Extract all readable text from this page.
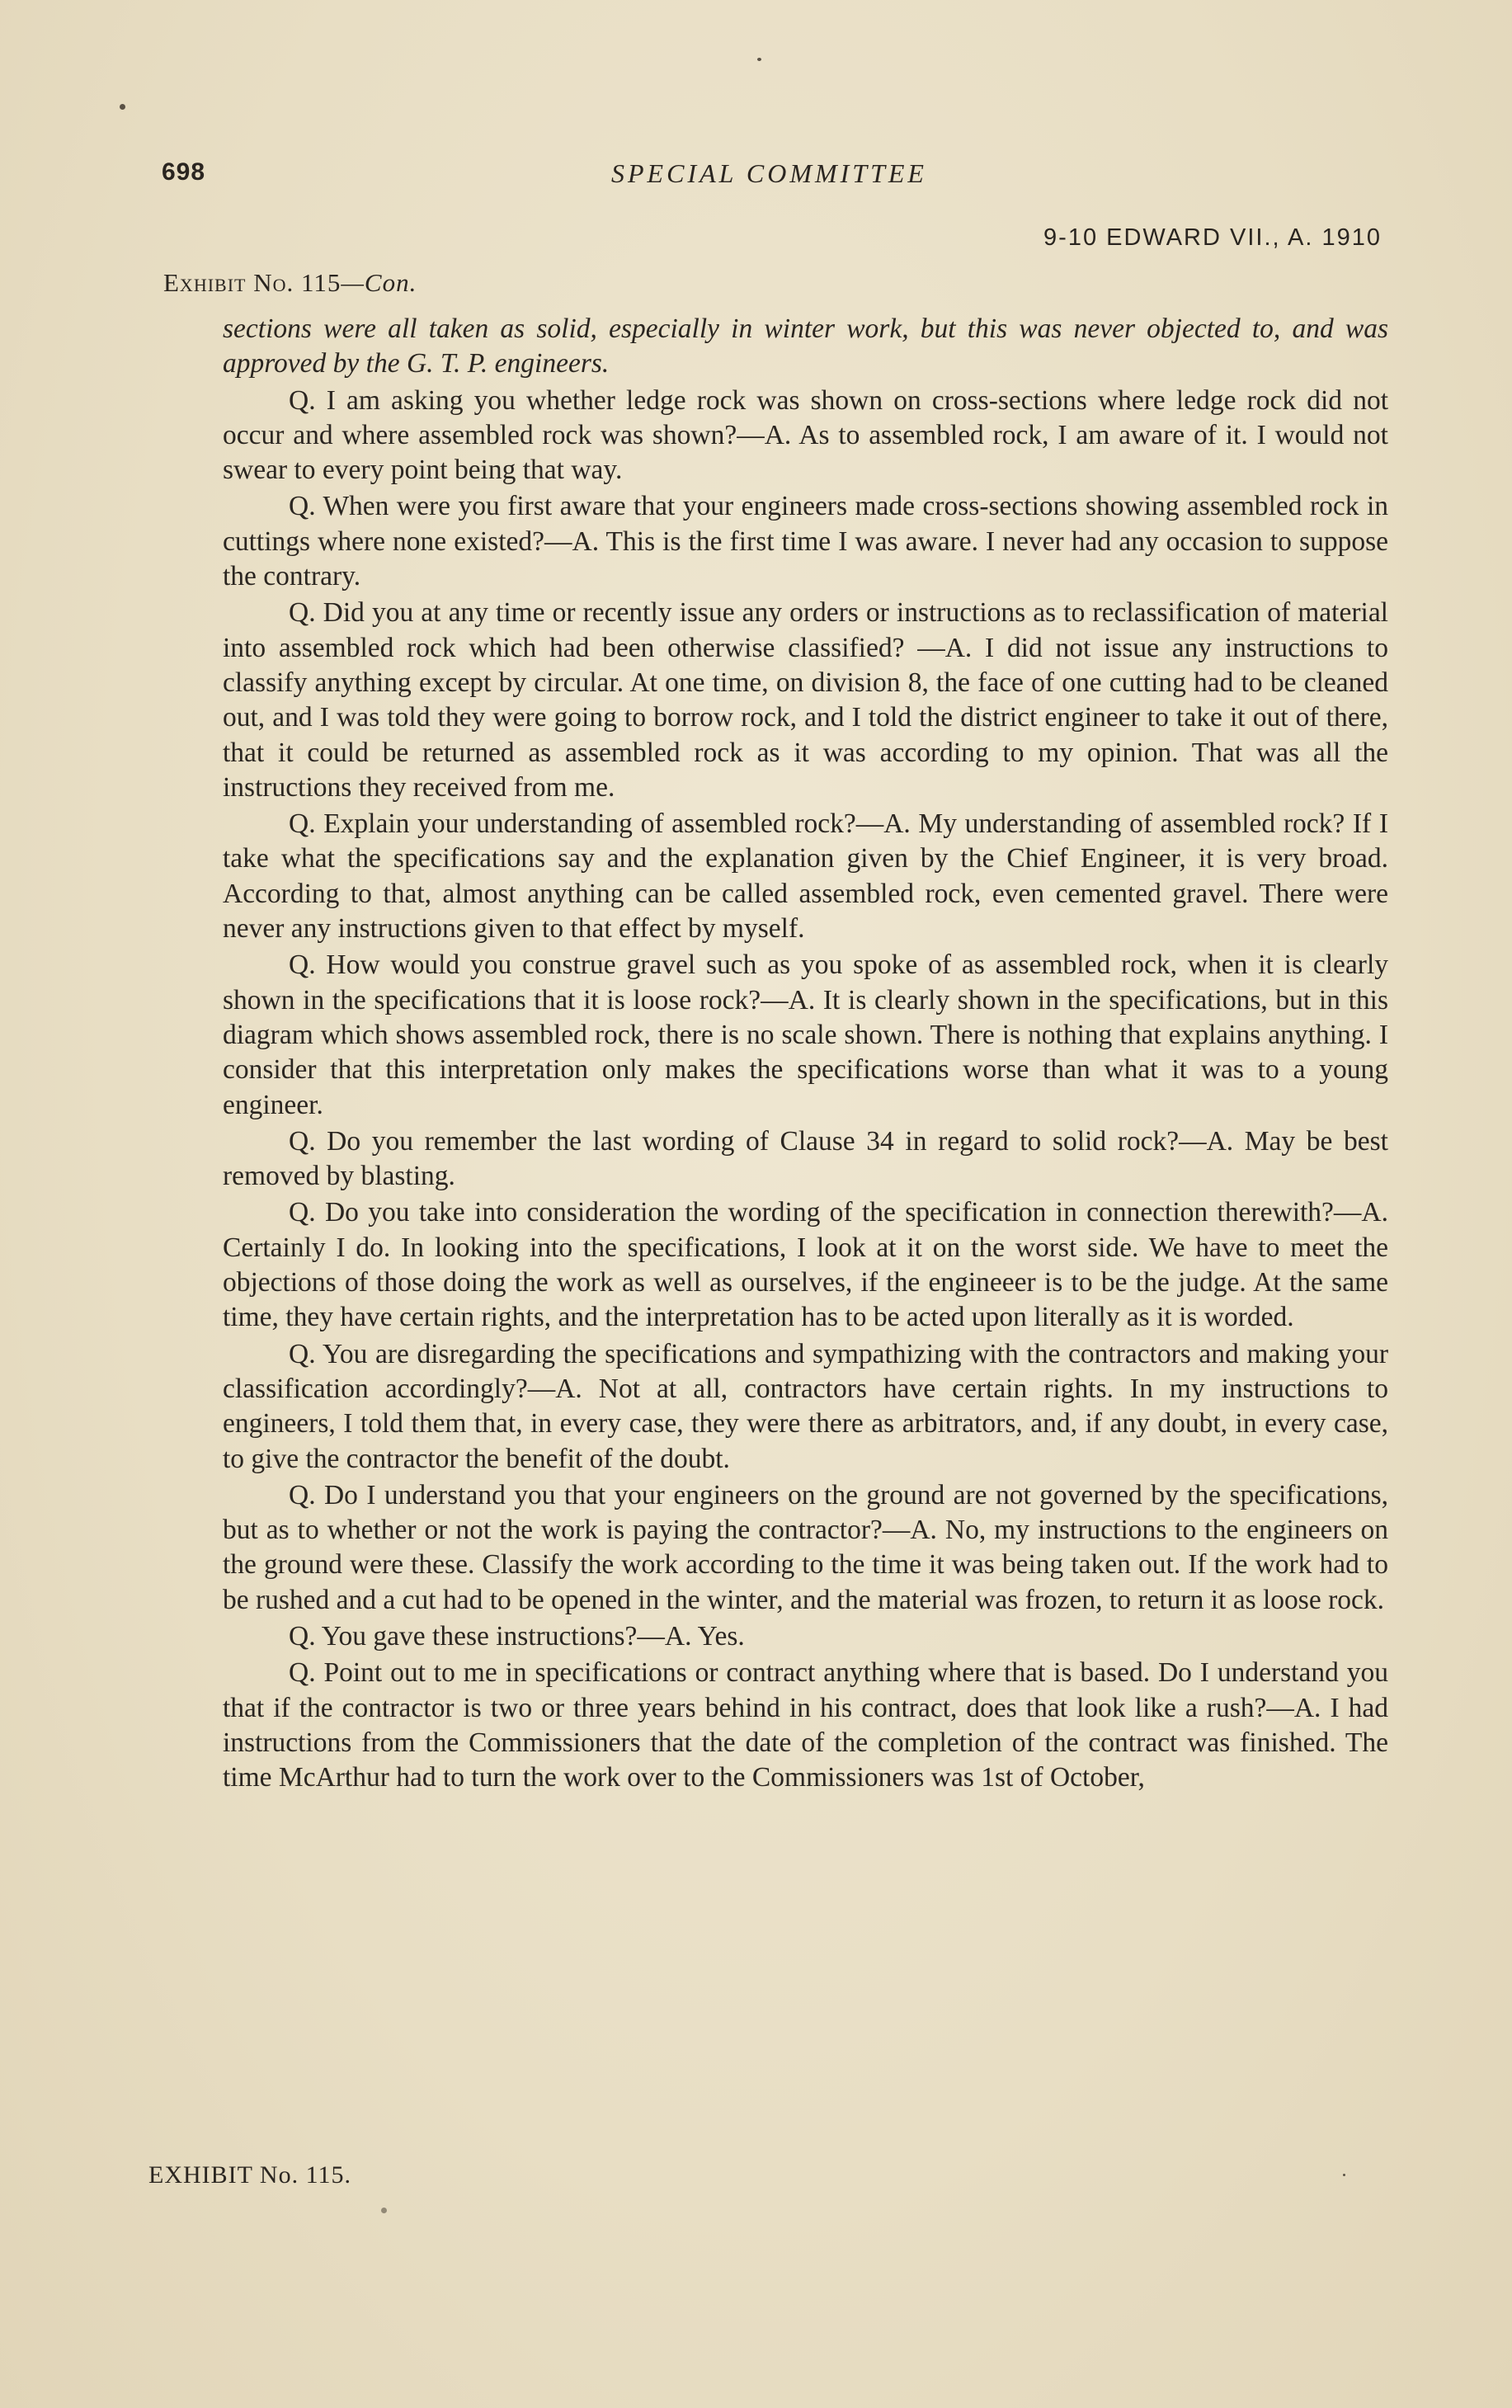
698	SPECIAL COMMITTEE
9-10 EDWARD VII., A. 1910
Exhibit No. 115—Con.

sections were all taken as solid, especially in winter work, but this was never objected to, and was approved by the G. T. P. engineers.

Q. I am asking you whether ledge rock was shown on cross-sections where ledge rock did not occur and where assembled rock was shown?—A. As to assembled rock, I am aware of it. I would not swear to every point being that way.

Q. When were you first aware that your engineers made cross-sections showing assembled rock in cuttings where none existed?—A. This is the first time I was aware. I never had any occasion to suppose the contrary.

Q. Did you at any time or recently issue any orders or instructions as to reclassification of material into assembled rock which had been otherwise classified? —A. I did not issue any instructions to classify anything except by circular. At one time, on division 8, the face of one cutting had to be cleaned out, and I was told they were going to borrow rock, and I told the district engineer to take it out of there, that it could be returned as assembled rock as it was according to my opinion. That was all the instructions they received from me.

Q. Explain your understanding of assembled rock?—A. My understanding of assembled rock? If I take what the specifications say and the explanation given by the Chief Engineer, it is very broad. According to that, almost anything can be called assembled rock, even cemented gravel. There were never any instructions given to that effect by myself.

Q. How would you construe gravel such as you spoke of as assembled rock, when it is clearly shown in the specifications that it is loose rock?—A. It is clearly shown in the specifications, but in this diagram which shows assembled rock, there is no scale shown. There is nothing that explains anything. I consider that this interpretation only makes the specifications worse than what it was to a young engineer.

Q. Do you remember the last wording of Clause 34 in regard to solid rock?—A. May be best removed by blasting.

Q. Do you take into consideration the wording of the specification in connection therewith?—A. Certainly I do. In looking into the specifications, I look at it on the worst side. We have to meet the objections of those doing the work as well as ourselves, if the engineeer is to be the judge. At the same time, they have certain rights, and the interpretation has to be acted upon literally as it is worded.

Q. You are disregarding the specifications and sympathizing with the contractors and making your classification accordingly?—A. Not at all, contractors have certain rights. In my instructions to engineers, I told them that, in every case, they were there as arbitrators, and, if any doubt, in every case, to give the contractor the benefit of the doubt.

Q. Do I understand you that your engineers on the ground are not governed by the specifications, but as to whether or not the work is paying the contractor?—A. No, my instructions to the engineers on the ground were these. Classify the work according to the time it was being taken out. If the work had to be rushed and a cut had to be opened in the winter, and the material was frozen, to return it as loose rock.

Q. You gave these instructions?—A. Yes.

Q. Point out to me in specifications or contract anything where that is based. Do I understand you that if the contractor is two or three years behind in his contract, does that look like a rush?—A. I had instructions from the Commissioners that the date of the completion of the contract was finished. The time McArthur had to turn the work over to the Commissioners was 1st of October,

EXHIBIT No. 115.
